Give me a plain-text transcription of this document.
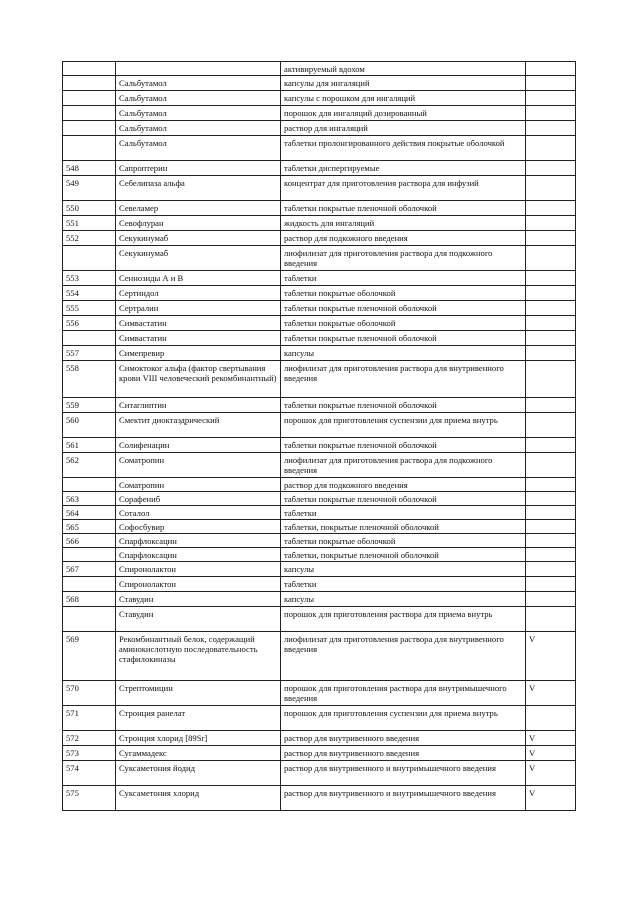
		активируемый вдохом	
	Сальбутамол	капсулы для ингаляций	
	Сальбутамол	капсулы с порошком для ингаляций	
	Сальбутамол	порошок для ингаляций дозированный	
	Сальбутамол	раствор для ингаляций	
	Сальбутамол	таблетки пролонгированного действия покрытые оболочкой	
548	Сапроптерин	таблетки диспергируемые	
549	Себелипаза альфа	концентрат для приготовления раствора для инфузий	
550	Севеламер	таблетки покрытые пленочной оболочкой	
551	Севофлуран	жидкость для ингаляций	
552	Секукинумаб	раствор для подкожного введения	
	Секукинумаб	лиофилизат для приготовления раствора для подкожного введения	
553	Сеннозиды А и В	таблетки	
554	Сертиндол	таблетки покрытые оболочкой	
555	Сертралин	таблетки покрытые пленочной оболочкой	
556	Симвастатин	таблетки покрытые оболочкой	
	Симвастатин	таблетки покрытые пленочной оболочкой	
557	Симепревир	капсулы	
558	Симоктоког альфа (фактор свертывания крови VIII человеческий рекомбинантный)	лиофилизат для приготовления раствора для внутривенного введения	
559	Ситаглиптин	таблетки покрытые пленочной оболочкой	
560	Смектит диоктаэдрический	порошок для приготовления суспензии для приема внутрь	
561	Солифенацин	таблетки покрытые пленочной оболочкой	
562	Соматропин	лиофилизат для приготовления раствора для подкожного введения	
	Соматропин	раствор для подкожного введения	
563	Сорафениб	таблетки покрытые пленочной оболочкой	
564	Соталол	таблетки	
565	Софосбувир	таблетки, покрытые пленочной оболочкой	
566	Спарфлоксацин	таблетки покрытые оболочкой	
	Спарфлоксацин	таблетки, покрытые пленочной оболочкой	
567	Спиронолактон	капсулы	
	Спиронолактон	таблетки	
568	Ставудин	капсулы	
	Ставудин	порошок для приготовления раствора для приема внутрь	
569	Рекомбинантный белок, содержащий аминокислотную последовательность стафилокиназы	лиофилизат для приготовления раствора для внутривенного введения	V
570	Стрептомицин	порошок для приготовления раствора для внутримышечного введения	V
571	Стронция ранелат	порошок для приготовления суспензии для приема внутрь	
572	Стронция хлорид [89Sr]	раствор для внутривенного введения	V
573	Сугаммадекс	раствор для внутривенного введения	V
574	Суксаметония йодид	раствор для внутривенного и внутримышечного введения	V
575	Суксаметония хлорид	раствор для внутривенного и внутримышечного введения	V
